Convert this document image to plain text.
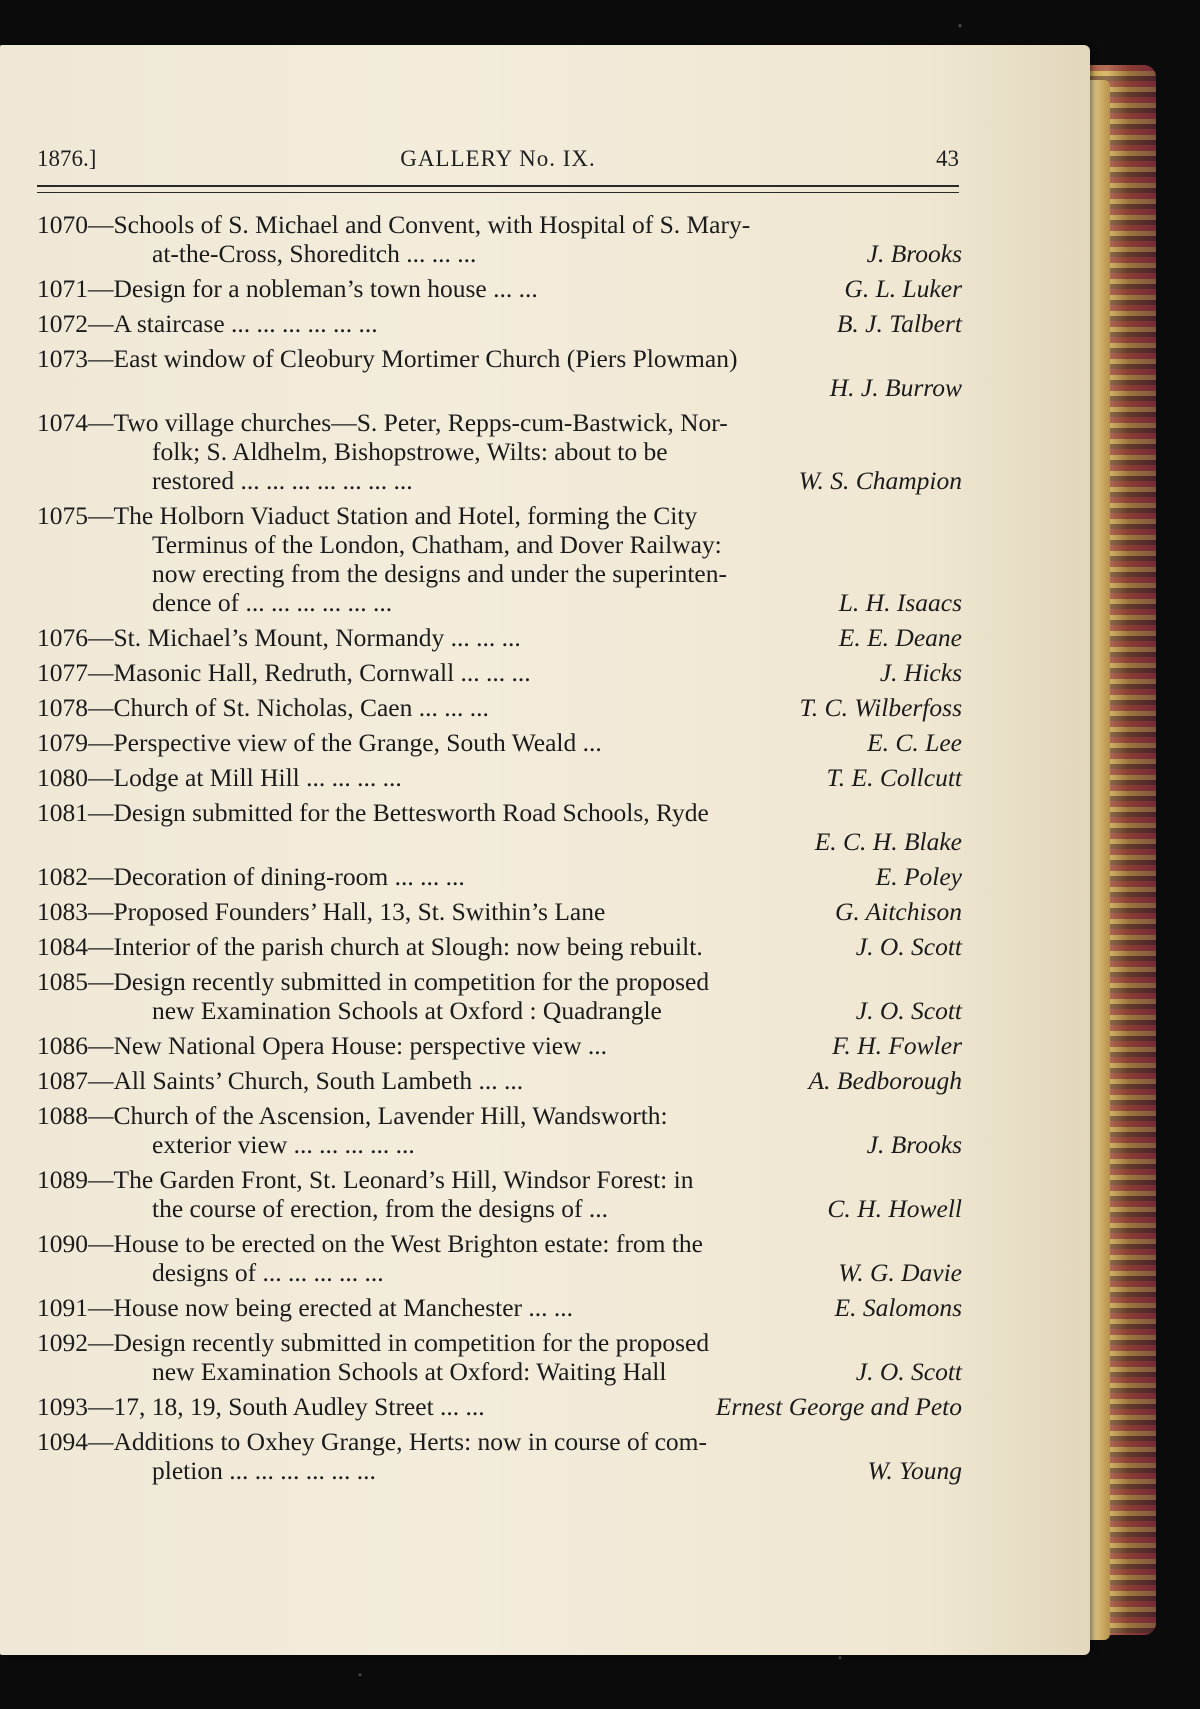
1876.]	GALLERY No. IX.	43
1070—Schools of S. Michael and Convent, with Hospital of S. Mary-
at-the-Cross, Shoreditch ... ... ...	J. Brooks
1071—Design for a nobleman’s town house ... ...	G. L. Luker
1072—A staircase ... ... ... ... ... ...	B. J. Talbert
1073—East window of Cleobury Mortimer Church (Piers Plowman)
H. J. Burrow
1074—Two village churches—S. Peter, Repps-cum-Bastwick, Nor-
folk; S. Aldhelm, Bishopstrowe, Wilts: about to be
restored ... ... ... ... ... ... ...	W. S. Champion
1075—The Holborn Viaduct Station and Hotel, forming the City
Terminus of the London, Chatham, and Dover Railway:
now erecting from the designs and under the superinten-
dence of ... ... ... ... ... ...	L. H. Isaacs
1076—St. Michael’s Mount, Normandy ... ... ...	E. E. Deane
1077—Masonic Hall, Redruth, Cornwall ... ... ...	J. Hicks
1078—Church of St. Nicholas, Caen ... ... ...	T. C. Wilberfoss
1079—Perspective view of the Grange, South Weald ...	E. C. Lee
1080—Lodge at Mill Hill ... ... ... ...	T. E. Collcutt
1081—Design submitted for the Bettesworth Road Schools, Ryde
E. C. H. Blake
1082—Decoration of dining-room ... ... ...	E. Poley
1083—Proposed Founders’ Hall, 13, St. Swithin’s Lane	G. Aitchison
1084—Interior of the parish church at Slough: now being rebuilt.	J. O. Scott
1085—Design recently submitted in competition for the proposed
new Examination Schools at Oxford : Quadrangle	J. O. Scott
1086—New National Opera House: perspective view ...	F. H. Fowler
1087—All Saints’ Church, South Lambeth ... ...	A. Bedborough
1088—Church of the Ascension, Lavender Hill, Wandsworth:
exterior view ... ... ... ... ...	J. Brooks
1089—The Garden Front, St. Leonard’s Hill, Windsor Forest: in
the course of erection, from the designs of ...	C. H. Howell
1090—House to be erected on the West Brighton estate: from the
designs of ... ... ... ... ...	W. G. Davie
1091—House now being erected at Manchester ... ...	E. Salomons
1092—Design recently submitted in competition for the proposed
new Examination Schools at Oxford: Waiting Hall	J. O. Scott
1093—17, 18, 19, South Audley Street ... ...	Ernest George and Peto
1094—Additions to Oxhey Grange, Herts: now in course of com-
pletion ... ... ... ... ... ...	W. Young
